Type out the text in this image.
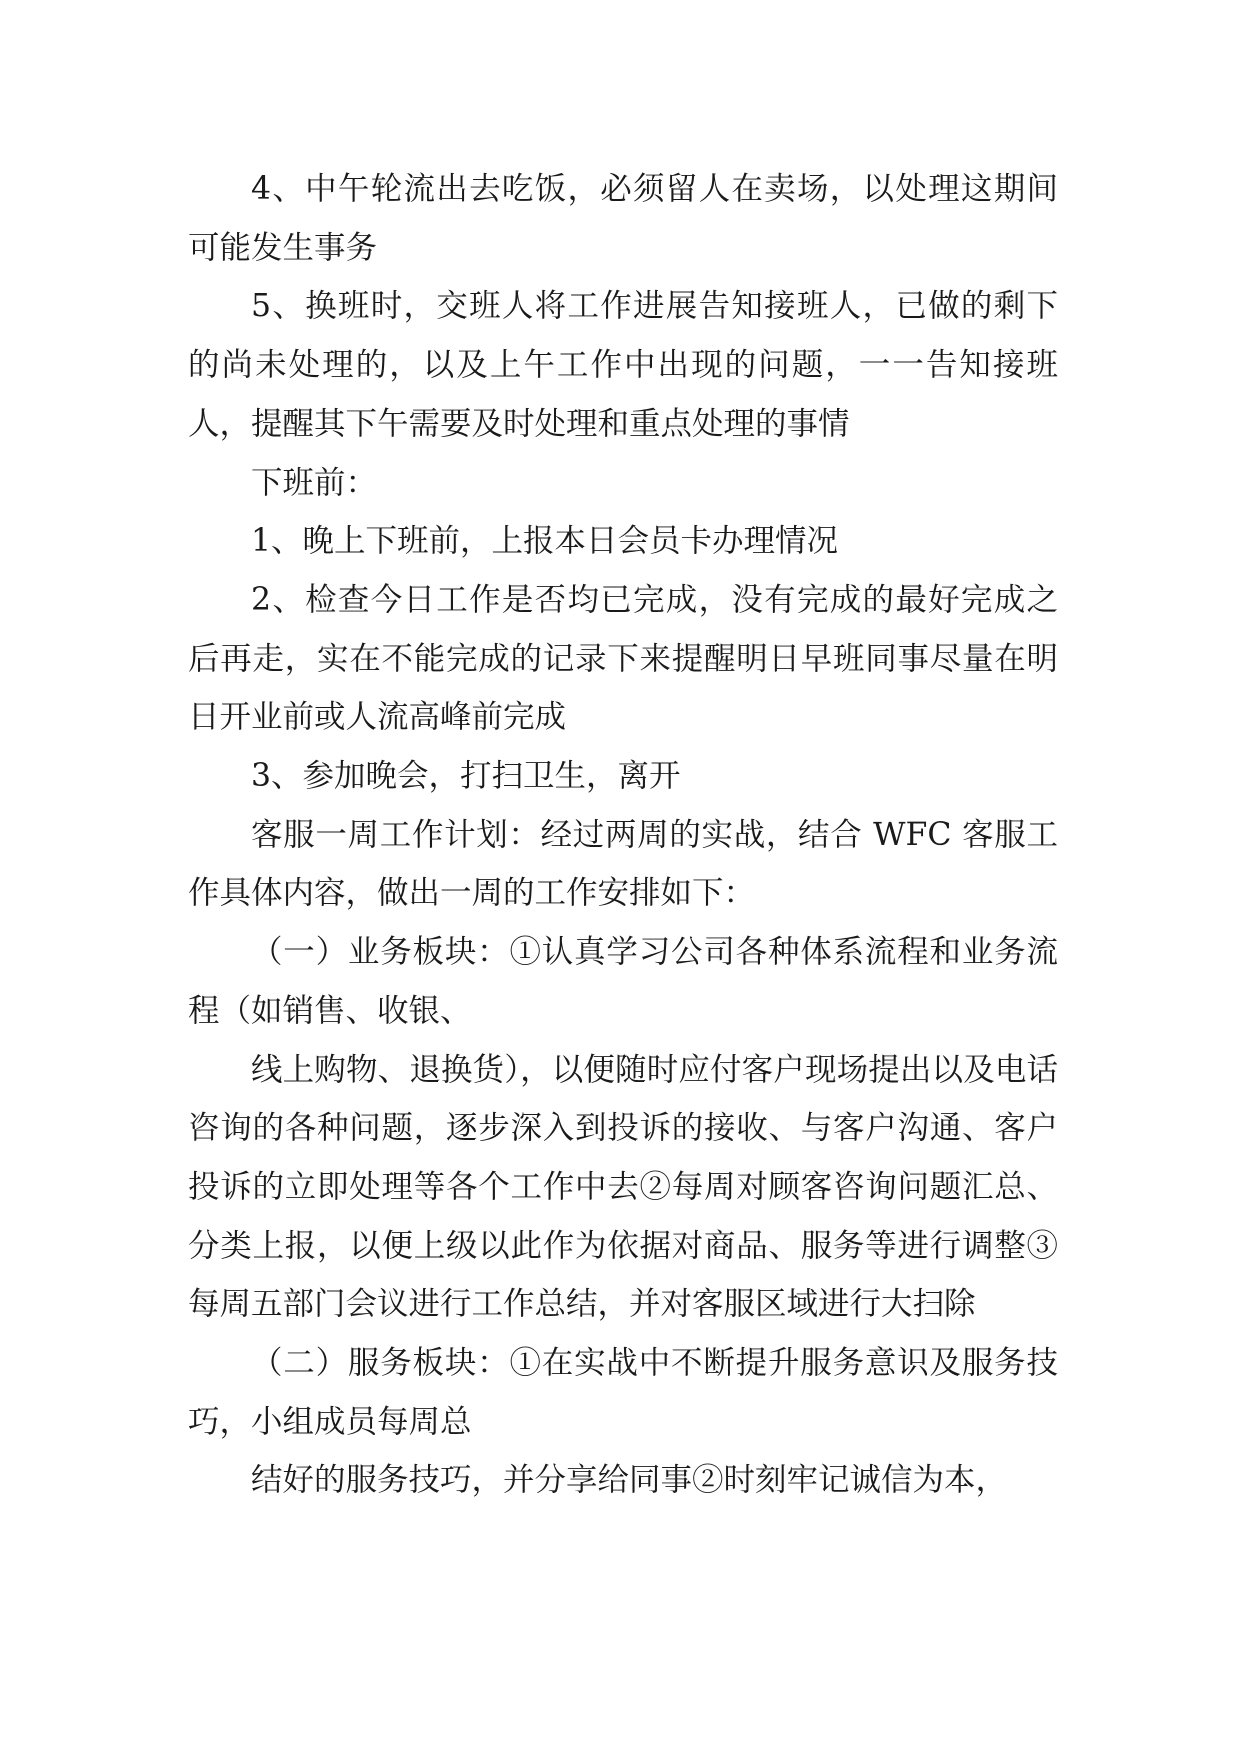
4、中午轮流出去吃饭，必须留人在卖场，以处理这期间可能发生事务

5、换班时，交班人将工作进展告知接班人，已做的剩下的尚未处理的，以及上午工作中出现的问题，一一告知接班人，提醒其下午需要及时处理和重点处理的事情

下班前：

1、晚上下班前，上报本日会员卡办理情况

2、检查今日工作是否均已完成，没有完成的最好完成之后再走，实在不能完成的记录下来提醒明日早班同事尽量在明日开业前或人流高峰前完成

3、参加晚会，打扫卫生，离开

客服一周工作计划：经过两周的实战，结合 WFC 客服工作具体内容，做出一周的工作安排如下：

（一）业务板块：①认真学习公司各种体系流程和业务流程（如销售、收银、

线上购物、退换货），以便随时应付客户现场提出以及电话咨询的各种问题，逐步深入到投诉的接收、与客户沟通、客户投诉的立即处理等各个工作中去②每周对顾客咨询问题汇总、分类上报，以便上级以此作为依据对商品、服务等进行调整③每周五部门会议进行工作总结，并对客服区域进行大扫除

（二）服务板块：①在实战中不断提升服务意识及服务技巧，小组成员每周总

结好的服务技巧，并分享给同事②时刻牢记诚信为本，
